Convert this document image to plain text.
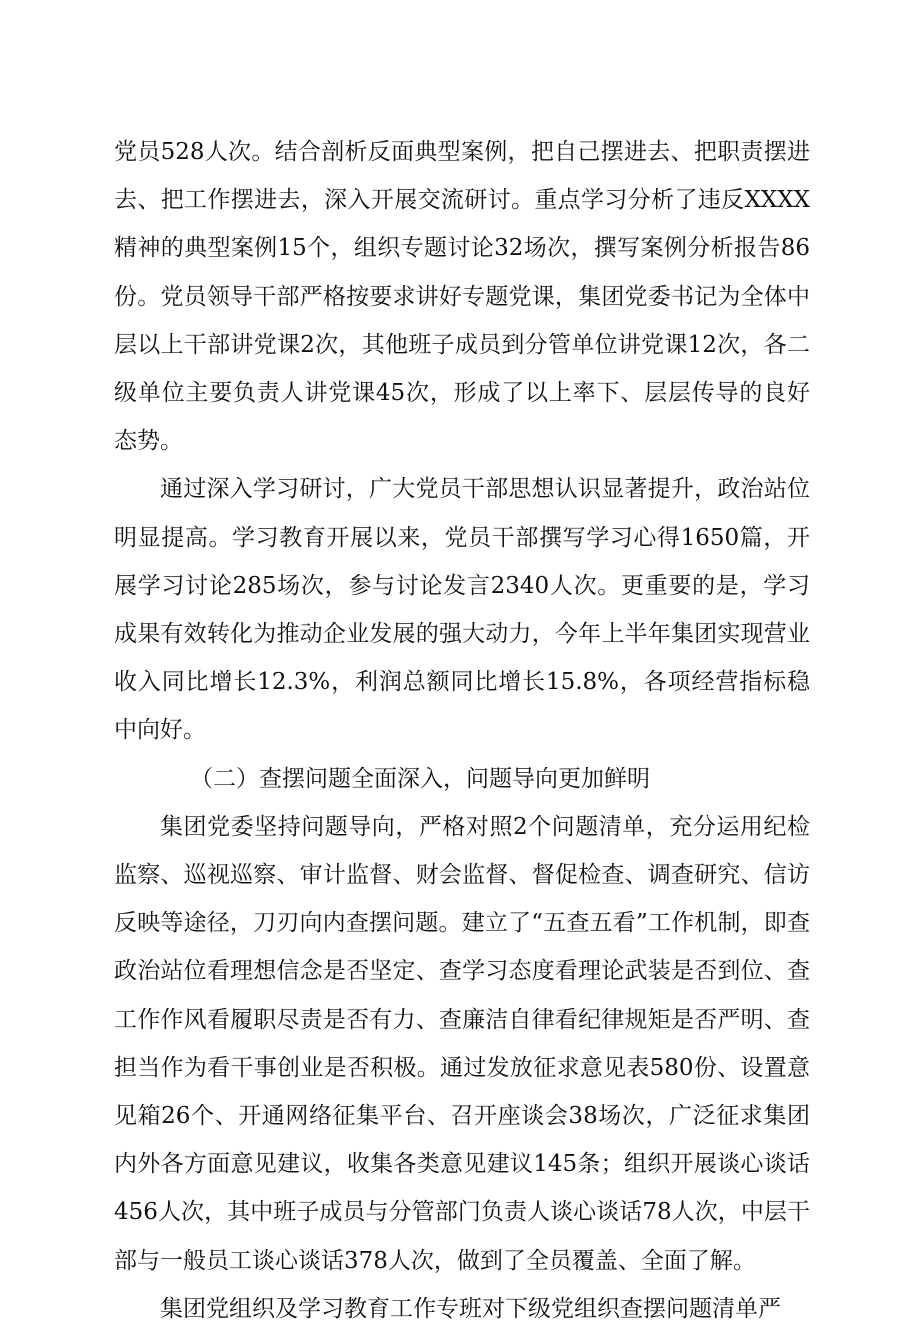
党员528人次。结合剖析反面典型案例，把自己摆进去、把职责摆进去、把工作摆进去，深入开展交流研讨。重点学习分析了违反XXXX精神的典型案例15个，组织专题讨论32场次，撰写案例分析报告86份。党员领导干部严格按要求讲好专题党课，集团党委书记为全体中层以上干部讲党课2次，其他班子成员到分管单位讲党课12次，各二级单位主要负责人讲党课45次，形成了以上率下、层层传导的良好态势。

通过深入学习研讨，广大党员干部思想认识显著提升，政治站位明显提高。学习教育开展以来，党员干部撰写学习心得1650篇，开展学习讨论285场次，参与讨论发言2340人次。更重要的是，学习成果有效转化为推动企业发展的强大动力，今年上半年集团实现营业收入同比增长12.3%，利润总额同比增长15.8%，各项经营指标稳中向好。

（二）查摆问题全面深入，问题导向更加鲜明

集团党委坚持问题导向，严格对照2个问题清单，充分运用纪检监察、巡视巡察、审计监督、财会监督、督促检查、调查研究、信访反映等途径，刀刃向内查摆问题。建立了“五查五看”工作机制，即查政治站位看理想信念是否坚定、查学习态度看理论武装是否到位、查工作作风看履职尽责是否有力、查廉洁自律看纪律规矩是否严明、查担当作为看干事创业是否积极。通过发放征求意见表580份、设置意见箱26个、开通网络征集平台、召开座谈会38场次，广泛征求集团内外各方面意见建议，收集各类意见建议145条；组织开展谈心谈话456人次，其中班子成员与分管部门负责人谈心谈话78人次，中层干部与一般员工谈心谈话378人次，做到了全员覆盖、全面了解。

集团党组织及学习教育工作专班对下级党组织查摆问题清单严
